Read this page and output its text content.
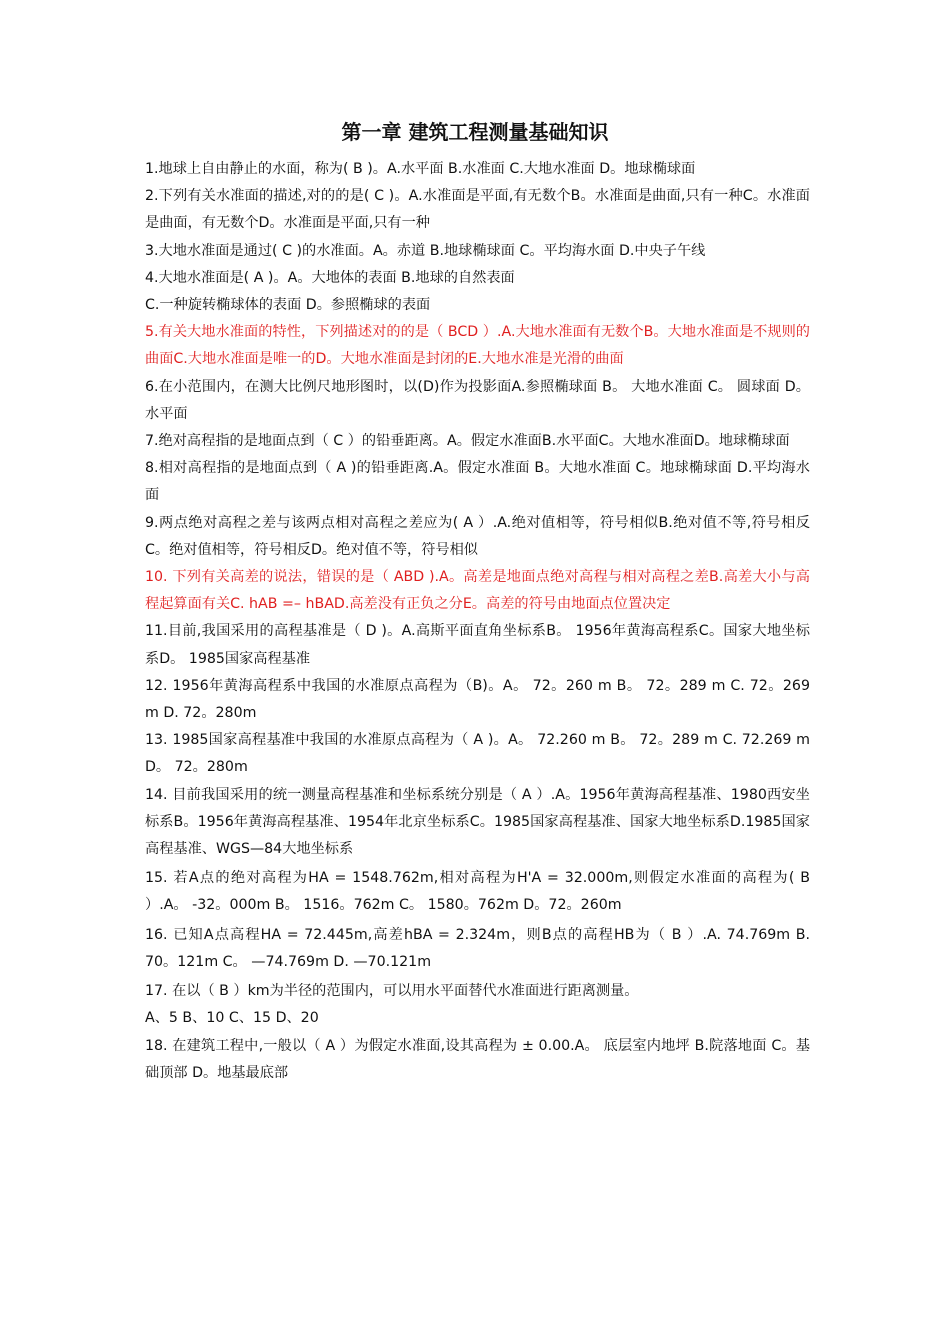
第一章 建筑工程测量基础知识

1.地球上自由静止的水面，称为( B )。A.水平面 B.水准面 C.大地水准面 D。地球椭球面

2.下列有关水准面的描述,对的的是( C )。A.水准面是平面,有无数个B。水准面是曲面,只有一种C。水准面是曲面，有无数个D。水准面是平面,只有一种

3.大地水准面是通过( C )的水准面。A。赤道 B.地球椭球面 C。平均海水面 D.中央子午线

4.大地水准面是( A )。A。大地体的表面 B.地球的自然表面

C.一种旋转椭球体的表面 D。参照椭球的表面

5.有关大地水准面的特性，下列描述对的的是（ BCD ）.A.大地水准面有无数个B。大地水准面是不规则的曲面C.大地水准面是唯一的D。大地水准面是封闭的E.大地水准是光滑的曲面

6.在小范围内，在测大比例尺地形图时，以(D)作为投影面A.参照椭球面 B。 大地水准面 C。 圆球面 D。 水平面

7.绝对高程指的是地面点到（ C ）的铅垂距离。A。假定水准面B.水平面C。大地水准面D。地球椭球面

8.相对高程指的是地面点到（ A )的铅垂距离.A。假定水准面 B。大地水准面 C。地球椭球面 D.平均海水面

9.两点绝对高程之差与该两点相对高程之差应为( A ）.A.绝对值相等，符号相似B.绝对值不等,符号相反C。绝对值相等，符号相反D。绝对值不等，符号相似

10. 下列有关高差的说法，错误的是（ ABD ).A。高差是地面点绝对高程与相对高程之差B.高差大小与高程起算面有关C. hAB =– hBAD.高差没有正负之分E。高差的符号由地面点位置决定

11.目前,我国采用的高程基准是（ D )。A.高斯平面直角坐标系B。 1956年黄海高程系C。国家大地坐标系D。 1985国家高程基准

12. 1956年黄海高程系中我国的水准原点高程为（B)。A。 72。260 m B。 72。289 m C. 72。269 m D. 72。280m

13. 1985国家高程基准中我国的水准原点高程为（ A )。A。 72.260 m B。 72。289 m C. 72.269 m D。 72。280m

14. 目前我国采用的统一测量高程基准和坐标系统分别是（ A ）.A。1956年黄海高程基准、1980西安坐标系B。1956年黄海高程基准、1954年北京坐标系C。1985国家高程基准、国家大地坐标系D.1985国家高程基准、WGS—84大地坐标系

15. 若A点的绝对高程为HA = 1548.762m,相对高程为H'A = 32.000m,则假定水准面的高程为( B ）.A。 -32。000m B。 1516。762m C。 1580。762m D。72。260m

16. 已知A点高程HA = 72.445m,高差hBA = 2.324m，则B点的高程HB为（ B ）.A. 74.769m B. 70。121m C。 —74.769m D. —70.121m

17. 在以（ B ）km为半径的范围内，可以用水平面替代水准面进行距离测量。

A、5 B、10 C、15 D、20

18. 在建筑工程中,一般以（ A ）为假定水准面,设其高程为 ± 0.00.A。 底层室内地坪 B.院落地面 C。基础顶部 D。地基最底部
